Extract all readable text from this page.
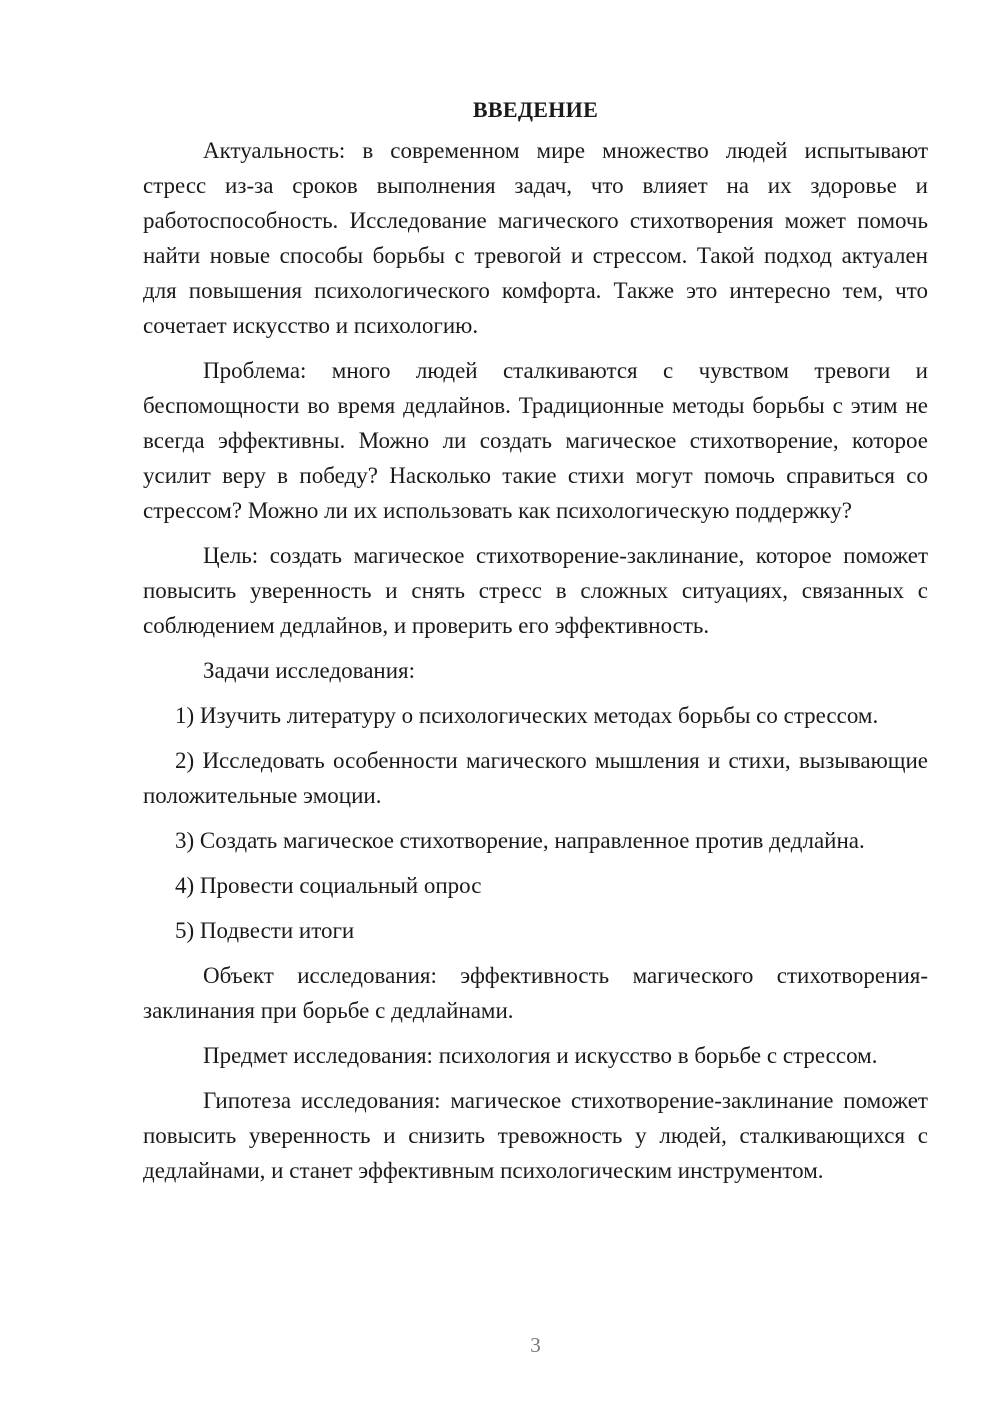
ВВЕДЕНИЕ

Актуальность: в современном мире множество людей испытывают стресс из-за сроков выполнения задач, что влияет на их здоровье и работоспособность. Исследование магического стихотворения может помочь найти новые способы борьбы с тревогой и стрессом. Такой подход актуален для повышения психологического комфорта. Также это интересно тем, что сочетает искусство и психологию.

Проблема: много людей сталкиваются с чувством тревоги и беспомощности во время дедлайнов. Традиционные методы борьбы с этим не всегда эффективны. Можно ли создать магическое стихотворение, которое усилит веру в победу? Насколько такие стихи могут помочь справиться со стрессом? Можно ли их использовать как психологическую поддержку?

Цель: создать магическое стихотворение-заклинание, которое поможет повысить уверенность и снять стресс в сложных ситуациях, связанных с соблюдением дедлайнов, и проверить его эффективность.

Задачи исследования:

1) Изучить литературу о психологических методах борьбы со стрессом.

2) Исследовать особенности магического мышления и стихи, вызывающие положительные эмоции.

3) Создать магическое стихотворение, направленное против дедлайна.

4) Провести социальный опрос

5) Подвести итоги

Объект исследования: эффективность магического стихотворения-заклинания при борьбе с дедлайнами.

Предмет исследования: психология и искусство в борьбе с стрессом.

Гипотеза исследования: магическое стихотворение-заклинание поможет повысить уверенность и снизить тревожность у людей, сталкивающихся с дедлайнами, и станет эффективным психологическим инструментом.

3
